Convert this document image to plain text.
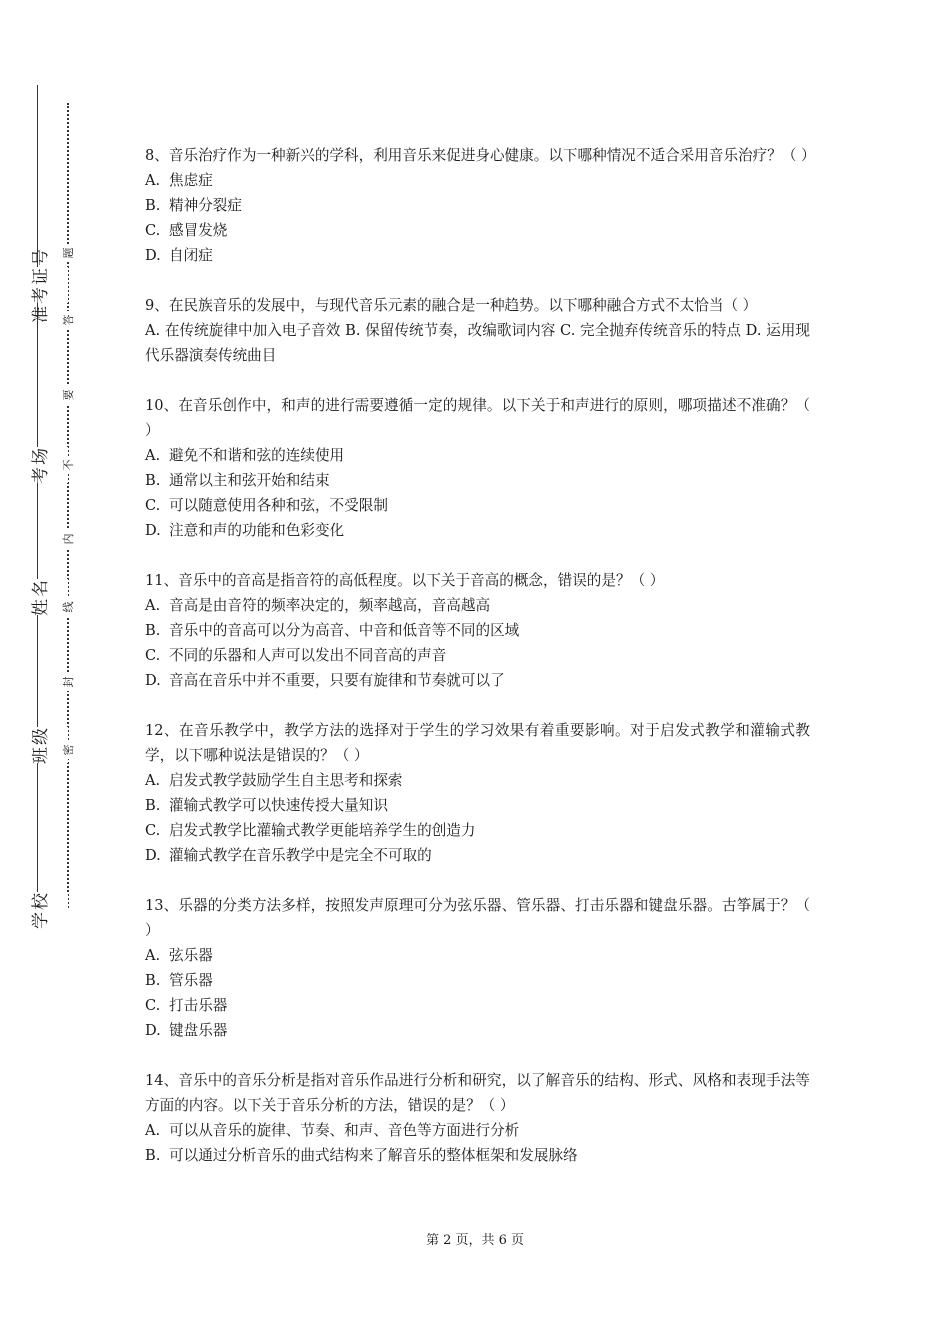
准考证号
考场
姓名
班级
学校
题
答
要
不
内
线
封
密

8、音乐治疗作为一种新兴的学科，利用音乐来促进身心健康。以下哪种情况不适合采用音乐治疗？（ ）

A. 焦虑症

B. 精神分裂症

C. 感冒发烧

D. 自闭症

9、在民族音乐的发展中，与现代音乐元素的融合是一种趋势。以下哪种融合方式不太恰当（ ）

A. 在传统旋律中加入电子音效 B. 保留传统节奏，改编歌词内容 C. 完全抛弃传统音乐的特点 D. 运用现代乐器演奏传统曲目

10、在音乐创作中，和声的进行需要遵循一定的规律。以下关于和声进行的原则，哪项描述不准确？（ ）

A. 避免不和谐和弦的连续使用

B. 通常以主和弦开始和结束

C. 可以随意使用各种和弦，不受限制

D. 注意和声的功能和色彩变化

11、音乐中的音高是指音符的高低程度。以下关于音高的概念，错误的是？（ ）

A. 音高是由音符的频率决定的，频率越高，音高越高

B. 音乐中的音高可以分为高音、中音和低音等不同的区域

C. 不同的乐器和人声可以发出不同音高的声音

D. 音高在音乐中并不重要，只要有旋律和节奏就可以了

12、在音乐教学中，教学方法的选择对于学生的学习效果有着重要影响。对于启发式教学和灌输式教学，以下哪种说法是错误的？（ ）

A. 启发式教学鼓励学生自主思考和探索

B. 灌输式教学可以快速传授大量知识

C. 启发式教学比灌输式教学更能培养学生的创造力

D. 灌输式教学在音乐教学中是完全不可取的

13、乐器的分类方法多样，按照发声原理可分为弦乐器、管乐器、打击乐器和键盘乐器。古筝属于？（ ）

A. 弦乐器

B. 管乐器

C. 打击乐器

D. 键盘乐器

14、音乐中的音乐分析是指对音乐作品进行分析和研究，以了解音乐的结构、形式、风格和表现手法等方面的内容。以下关于音乐分析的方法，错误的是？（ ）

A. 可以从音乐的旋律、节奏、和声、音色等方面进行分析

B. 可以通过分析音乐的曲式结构来了解音乐的整体框架和发展脉络

第 2 页，共 6 页
